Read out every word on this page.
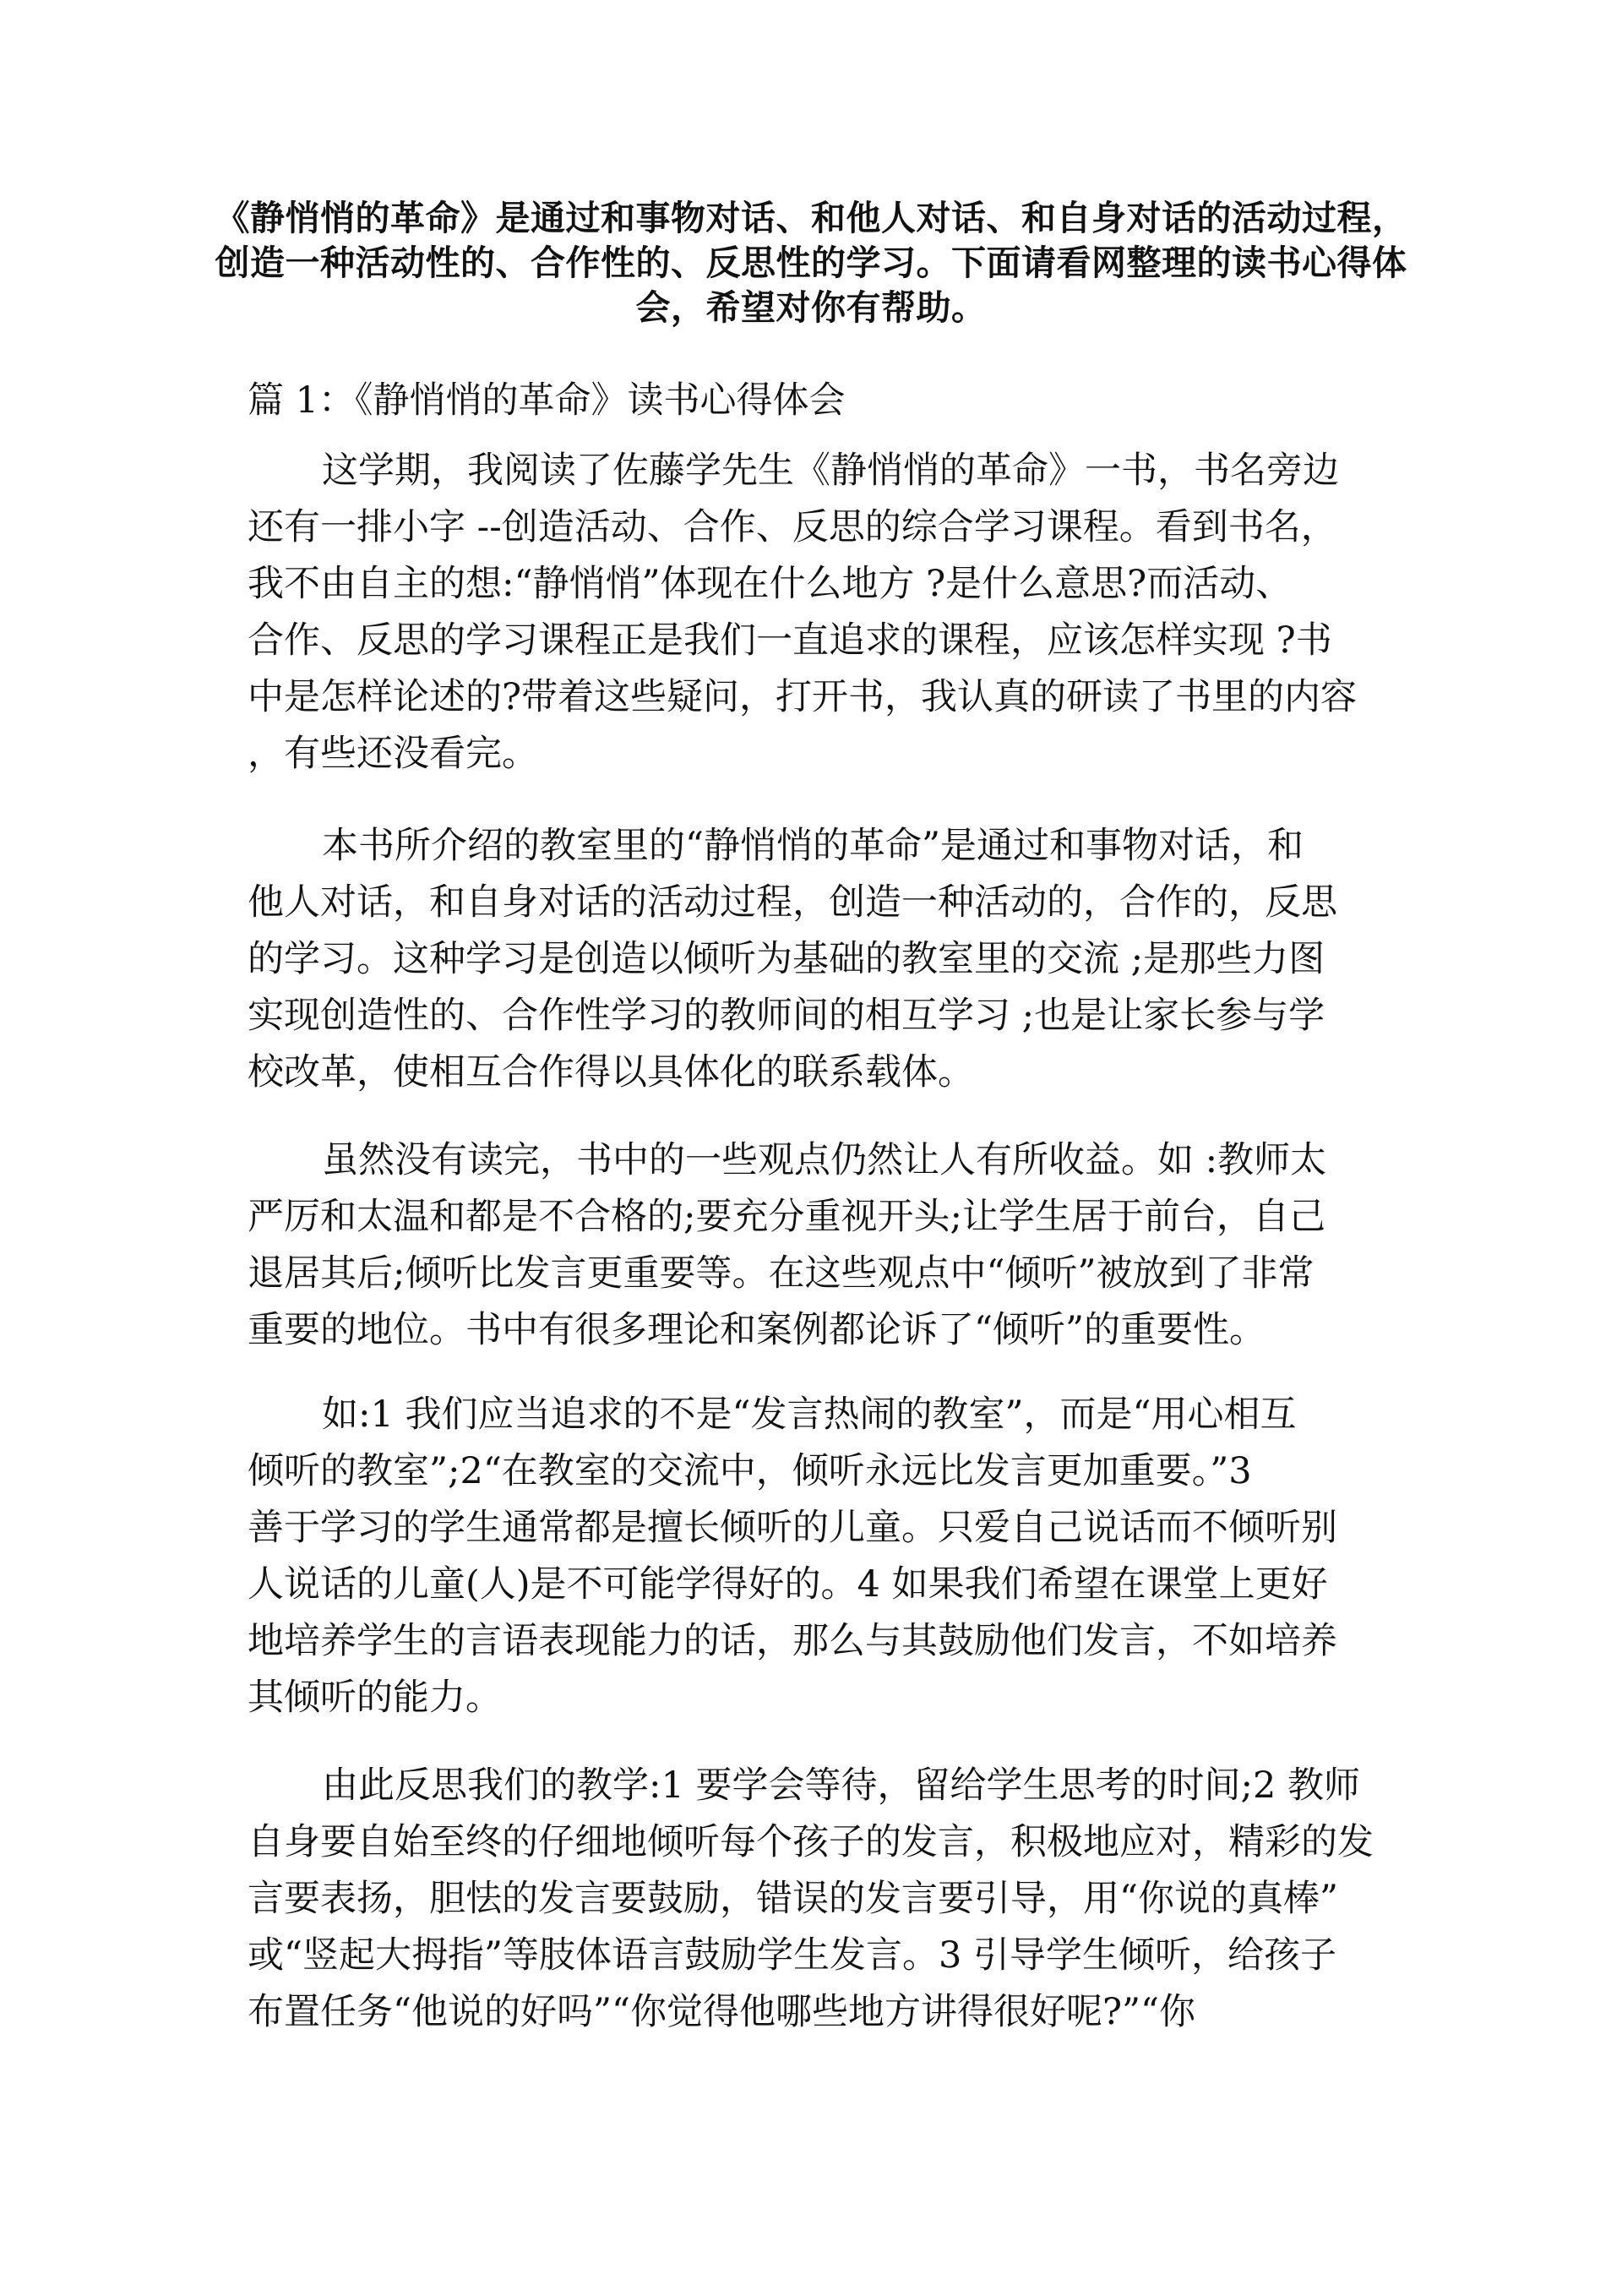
《静悄悄的革命》是通过和事物对话、和他人对话、和自身对话的活动过程，
创造一种活动性的、合作性的、反思性的学习。下面请看网整理的读书心得体
会，希望对你有帮助。
篇 1：《静悄悄的革命》读书心得体会
这学期，我阅读了佐藤学先生《静悄悄的革命》一书，书名旁边
还有一排小字 --创造活动、合作、反思的综合学习课程。看到书名，
我不由自主的想:“静悄悄”体现在什么地方 ?是什么意思?而活动、
合作、反思的学习课程正是我们一直追求的课程，应该怎样实现 ?书
中是怎样论述的?带着这些疑问，打开书，我认真的研读了书里的内容
，有些还没看完。
本书所介绍的教室里的“静悄悄的革命”是通过和事物对话，和
他人对话，和自身对话的活动过程，创造一种活动的，合作的，反思
的学习。这种学习是创造以倾听为基础的教室里的交流 ;是那些力图
实现创造性的、合作性学习的教师间的相互学习 ;也是让家长参与学
校改革，使相互合作得以具体化的联系载体。
虽然没有读完，书中的一些观点仍然让人有所收益。如 :教师太
严厉和太温和都是不合格的;要充分重视开头;让学生居于前台，自己
退居其后;倾听比发言更重要等。在这些观点中“倾听”被放到了非常
重要的地位。书中有很多理论和案例都论诉了“倾听”的重要性。
如:1 我们应当追求的不是“发言热闹的教室”，而是“用心相互
倾听的教室”;2“在教室的交流中，倾听永远比发言更加重要。”3
善于学习的学生通常都是擅长倾听的儿童。只爱自己说话而不倾听别
人说话的儿童(人)是不可能学得好的。4 如果我们希望在课堂上更好
地培养学生的言语表现能力的话，那么与其鼓励他们发言，不如培养
其倾听的能力。
由此反思我们的教学:1 要学会等待，留给学生思考的时间;2 教师
自身要自始至终的仔细地倾听每个孩子的发言，积极地应对，精彩的发
言要表扬，胆怯的发言要鼓励，错误的发言要引导，用“你说的真棒”
或“竖起大拇指”等肢体语言鼓励学生发言。3 引导学生倾听，给孩子
布置任务“他说的好吗”“你觉得他哪些地方讲得很好呢?”“你
